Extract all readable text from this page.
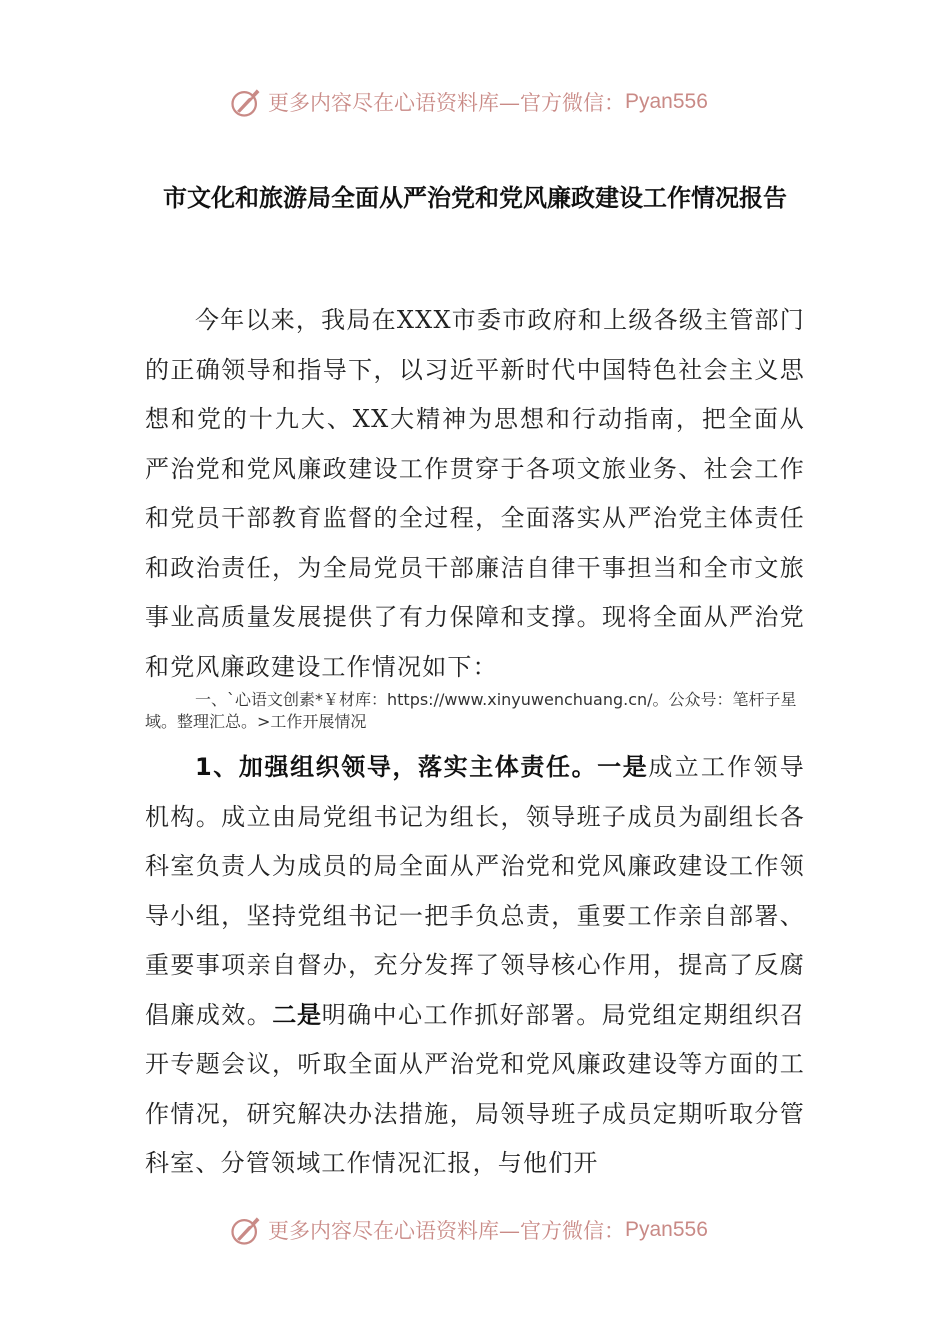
更多内容尽在心语资料库—官方微信： Pyan556
市文化和旅游局全面从严治党和党风廉政建设工作情况报告
今年以来，我局在XXX市委市政府和上级各级主管部门的正确领导和指导下，以习近平新时代中国特色社会主义思想和党的十九大、XX大精神为思想和行动指南，把全面从严治党和党风廉政建设工作贯穿于各项文旅业务、社会工作和党员干部教育监督的全过程，全面落实从严治党主体责任和政治责任，为全局党员干部廉洁自律干事担当和全市文旅事业高质量发展提供了有力保障和支撑。现将全面从严治党和党风廉政建设工作情况如下：
一、`心语文创素*￥材库：https://www.xinyuwenchuang.cn/。公众号：笔杆子星域。整理汇总。>工作开展情况
1、加强组织领导，落实主体责任。一是成立工作领导机构。成立由局党组书记为组长，领导班子成员为副组长各科室负责人为成员的局全面从严治党和党风廉政建设工作领导小组，坚持党组书记一把手负总责，重要工作亲自部署、重要事项亲自督办，充分发挥了领导核心作用，提高了反腐倡廉成效。二是明确中心工作抓好部署。局党组定期组织召开专题会议，听取全面从严治党和党风廉政建设等方面的工作情况，研究解决办法措施，局领导班子成员定期听取分管科室、分管领域工作情况汇报，与他们开
更多内容尽在心语资料库—官方微信： Pyan556
